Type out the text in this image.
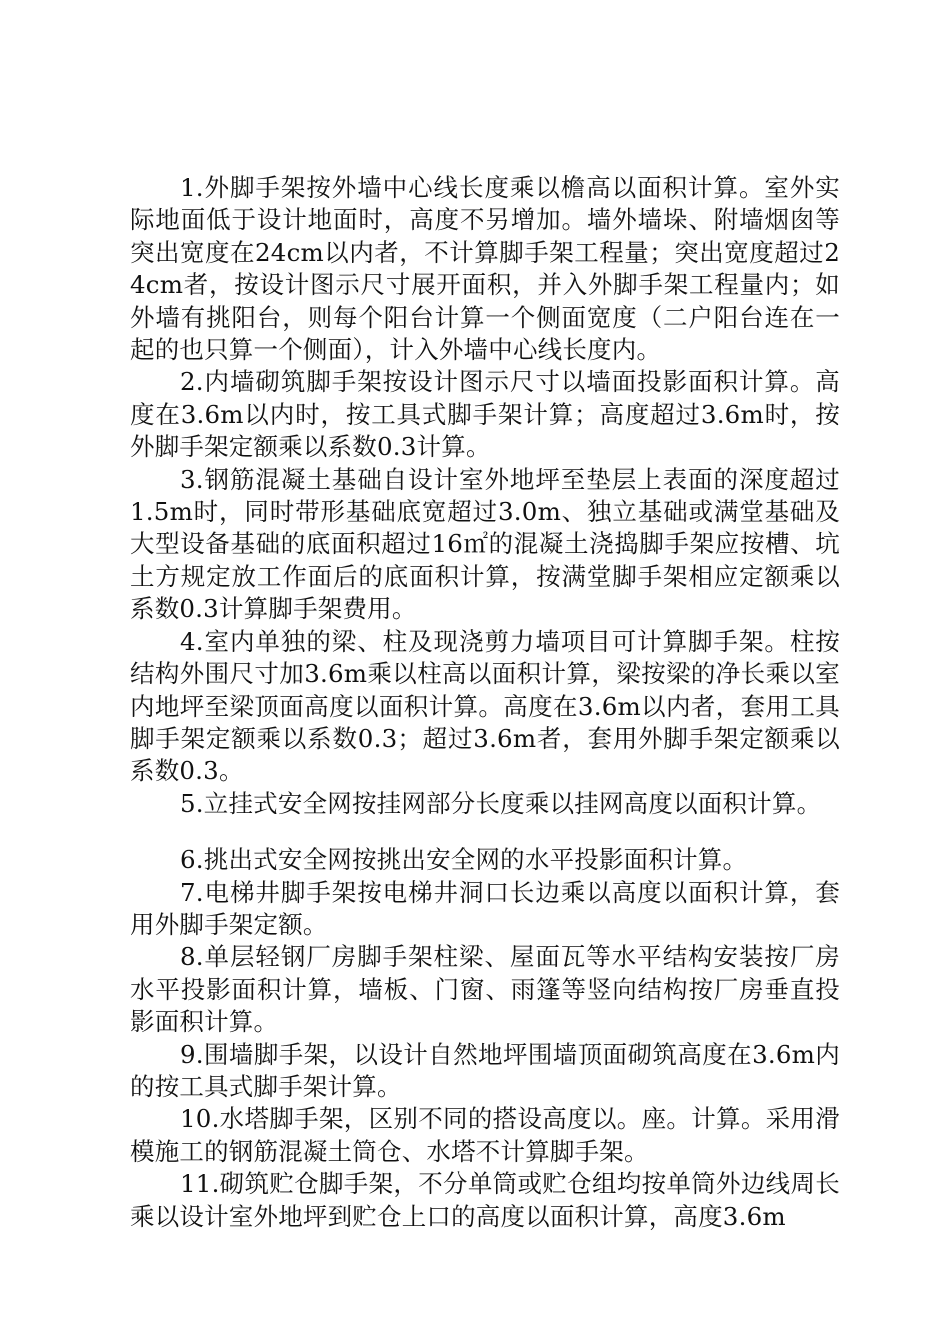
1.外脚手架按外墙中心线长度乘以檐高以面积计算。室外实际地面低于设计地面时，高度不另增加。墙外墙垛、附墙烟囱等突出宽度在24cm以内者，不计算脚手架工程量；突出宽度超过24cm者，按设计图示尺寸展开面积，并入外脚手架工程量内；如外墙有挑阳台，则每个阳台计算一个侧面宽度（二户阳台连在一起的也只算一个侧面），计入外墙中心线长度内。

2.内墙砌筑脚手架按设计图示尺寸以墙面投影面积计算。高度在3.6m以内时，按工具式脚手架计算；高度超过3.6m时，按外脚手架定额乘以系数0.3计算。

3.钢筋混凝土基础自设计室外地坪至垫层上表面的深度超过1.5m时，同时带形基础底宽超过3.0m、独立基础或满堂基础及大型设备基础的底面积超过16㎡的混凝土浇捣脚手架应按槽、坑土方规定放工作面后的底面积计算，按满堂脚手架相应定额乘以系数0.3计算脚手架费用。

4.室内单独的梁、柱及现浇剪力墙项目可计算脚手架。柱按结构外围尺寸加3.6m乘以柱高以面积计算，梁按梁的净长乘以室内地坪至梁顶面高度以面积计算。高度在3.6m以内者，套用工具脚手架定额乘以系数0.3；超过3.6m者，套用外脚手架定额乘以系数0.3。

5.立挂式安全网按挂网部分长度乘以挂网高度以面积计算。

6.挑出式安全网按挑出安全网的水平投影面积计算。

7.电梯井脚手架按电梯井洞口长边乘以高度以面积计算，套用外脚手架定额。

8.单层轻钢厂房脚手架柱梁、屋面瓦等水平结构安装按厂房水平投影面积计算，墙板、门窗、雨篷等竖向结构按厂房垂直投影面积计算。

9.围墙脚手架，以设计自然地坪围墙顶面砌筑高度在3.6m内的按工具式脚手架计算。

10.水塔脚手架，区别不同的搭设高度以。座。计算。采用滑模施工的钢筋混凝土筒仓、水塔不计算脚手架。

11.砌筑贮仓脚手架，不分单筒或贮仓组均按单筒外边线周长乘以设计室外地坪到贮仓上口的高度以面积计算，高度3.6m
